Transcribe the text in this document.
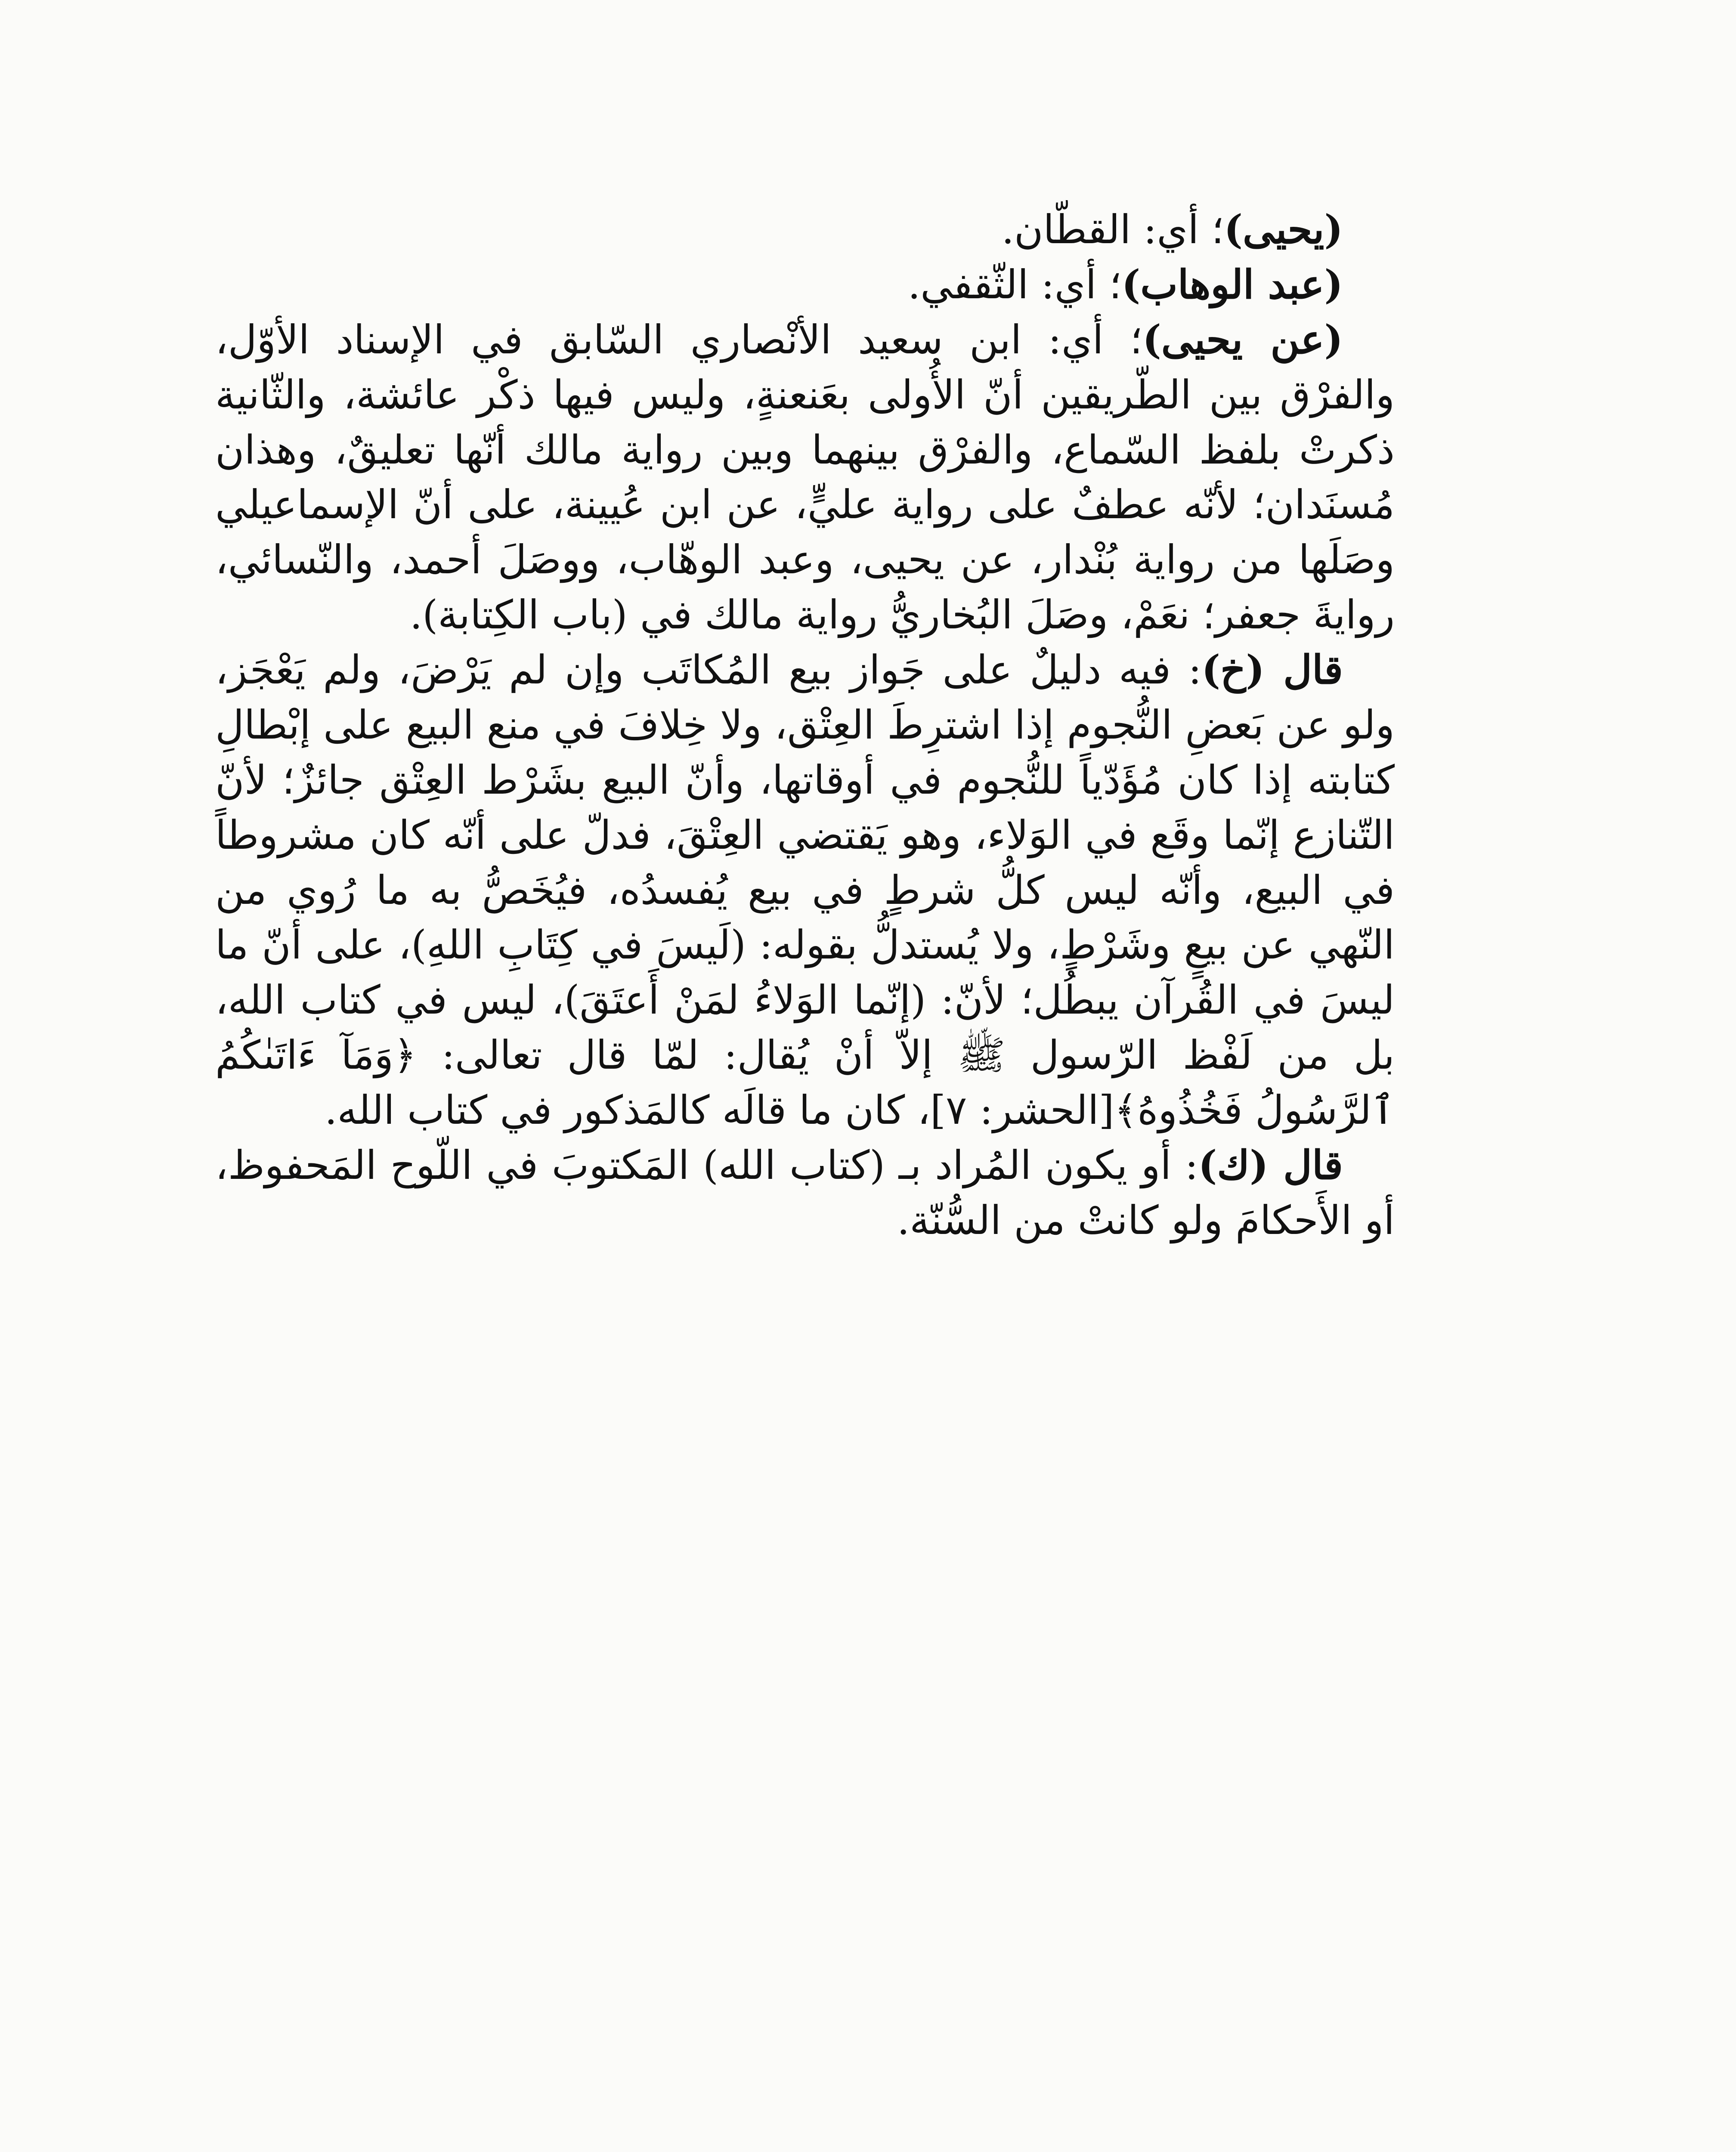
(يحيى)؛ أي: القطّان.

(عبد الوهاب)؛ أي: الثّقفي.

(عن يحيى)؛ أي: ابن سعيد الأنْصاري السّابق في الإسناد الأوّل، والفرْق بين الطّريقين أنّ الأُولى بعَنعنةٍ، وليس فيها ذكْر عائشة، والثّانية ذكرتْ بلفظ السّماع، والفرْق بينهما وبين رواية مالك أنّها تعليقٌ، وهذان مُسنَدان؛ لأنّه عطفٌ على رواية عليٍّ، عن ابن عُيينة، على أنّ الإسماعيلي وصَلَها من رواية بُنْدار، عن يحيى، وعبد الوهّاب، ووصَلَ أحمد، والنّسائي، روايةَ جعفر؛ نعَمْ، وصَلَ البُخاريُّ رواية مالك في (باب الكِتابة).

قال (خ): فيه دليلٌ على جَواز بيع المُكاتَب وإن لم يَرْضَ، ولم يَعْجَز، ولو عن بَعضِ النُّجوم إذا اشترِطَ العِتْق، ولا خِلافَ في منع البيع على إبْطالِ كتابته إذا كان مُؤَدّياً للنُّجوم في أوقاتها، وأنّ البيع بشَرْط العِتْق جائزٌ؛ لأنّ التّنازع إنّما وقَع في الوَلاء، وهو يَقتضي العِتْقَ، فدلّ على أنّه كان مشروطاً في البيع، وأنّه ليس كلُّ شرطٍ في بيع يُفسدُه، فيُخَصُّ به ما رُوي من النّهي عن بيعٍ وشَرْطٍ، ولا يُستدلُّ بقوله: (لَيسَ في كِتَابِ اللهِ)، على أنّ ما ليسَ في القُرآن يبطُل؛ لأنّ: (إنّما الوَلاءُ لمَنْ أَعتَقَ)، ليس في كتاب الله، بل من لَفْظ الرّسول ﷺ إلاّ أنْ يُقال: لمّا قال تعالى: ﴿وَمَآ ءَاتَىٰكُمُ ٱلرَّسُولُ فَخُذُوهُ﴾[الحشر: ٧]، كان ما قالَه كالمَذكور في كتاب الله.

قال (ك): أو يكون المُراد بـ (كتاب الله) المَكتوبَ في اللّوح المَحفوظ، أو الأَحكامَ ولو كانتْ من السُّنّة.
